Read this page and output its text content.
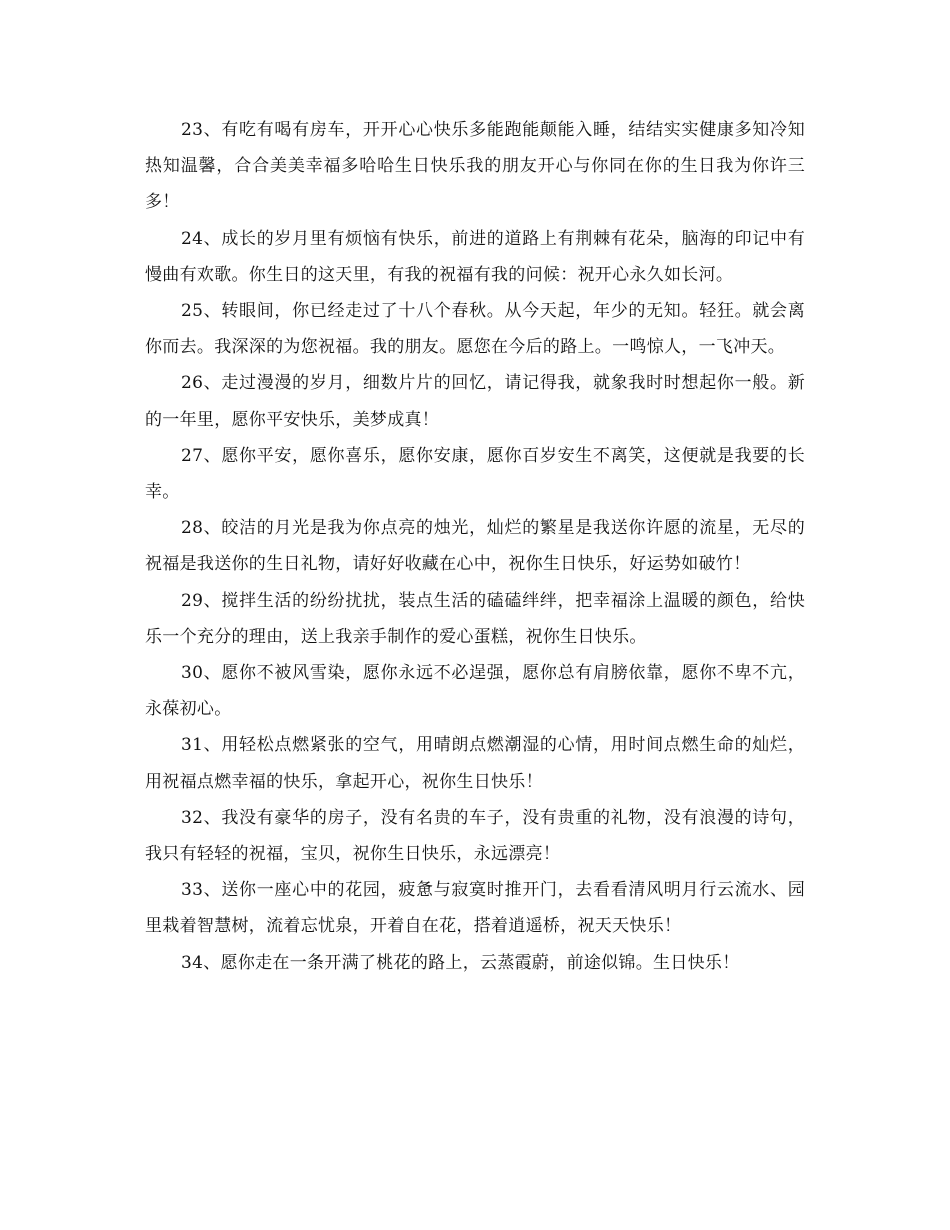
23、有吃有喝有房车，开开心心快乐多能跑能颠能入睡，结结实实健康多知冷知热知温馨，合合美美幸福多哈哈生日快乐我的朋友开心与你同在你的生日我为你许三多！

24、成长的岁月里有烦恼有快乐，前进的道路上有荆棘有花朵，脑海的印记中有慢曲有欢歌。你生日的这天里，有我的祝福有我的问候：祝开心永久如长河。

25、转眼间，你已经走过了十八个春秋。从今天起，年少的无知。轻狂。就会离你而去。我深深的为您祝福。我的朋友。愿您在今后的路上。一鸣惊人，一飞冲天。

26、走过漫漫的岁月，细数片片的回忆，请记得我，就象我时时想起你一般。新的一年里，愿你平安快乐，美梦成真！

27、愿你平安，愿你喜乐，愿你安康，愿你百岁安生不离笑，这便就是我要的长幸。

28、皎洁的月光是我为你点亮的烛光，灿烂的繁星是我送你许愿的流星，无尽的祝福是我送你的生日礼物，请好好收藏在心中，祝你生日快乐，好运势如破竹！

29、搅拌生活的纷纷扰扰，装点生活的磕磕绊绊，把幸福涂上温暖的颜色，给快乐一个充分的理由，送上我亲手制作的爱心蛋糕，祝你生日快乐。

30、愿你不被风雪染，愿你永远不必逞强，愿你总有肩膀依靠，愿你不卑不亢，永葆初心。

31、用轻松点燃紧张的空气，用晴朗点燃潮湿的心情，用时间点燃生命的灿烂，用祝福点燃幸福的快乐，拿起开心，祝你生日快乐！

32、我没有豪华的房子，没有名贵的车子，没有贵重的礼物，没有浪漫的诗句，我只有轻轻的祝福，宝贝，祝你生日快乐，永远漂亮！

33、送你一座心中的花园，疲惫与寂寞时推开门，去看看清风明月行云流水、园里栽着智慧树，流着忘忧泉，开着自在花，搭着逍遥桥，祝天天快乐！

34、愿你走在一条开满了桃花的路上，云蒸霞蔚，前途似锦。生日快乐！
